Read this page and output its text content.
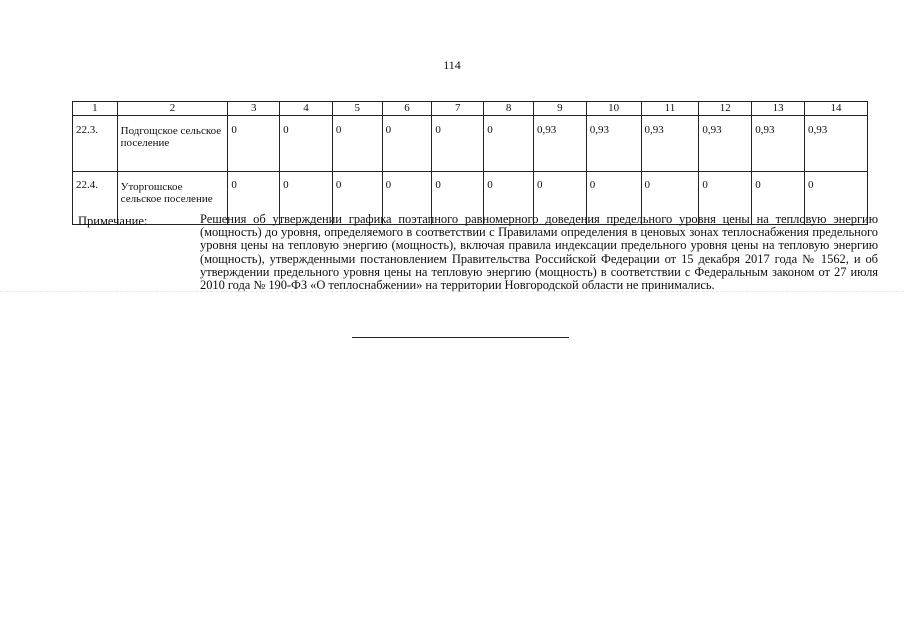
114
1	2	3	4	5	6	7	8	9	10	11	12	13	14
22.3.	Подгощское сельское поселение	0	0	0	0	0	0	0,93	0,93	0,93	0,93	0,93	0,93
22.4.	Уторгошское сельское поселение	0	0	0	0	0	0	0	0	0	0	0	0
Примечание:	Решения об утверждении графика поэтапного равномерного доведения предельного уровня цены на тепловую энергию (мощность) до уровня, определяемого в соответствии с Правилами определения в ценовых зонах теплоснабжения предельного уровня цены на тепловую энергию (мощность), включая правила индексации предельного уровня цены на тепловую энергию (мощность), утвержденными постановлением Правительства Российской Федерации от 15 декабря 2017 года № 1562, и об утверждении предельного уровня цены на тепловую энергию (мощность) в соответствии с Федеральным законом от 27 июля 2010 года № 190-ФЗ «О теплоснабжении» на территории Новгородской области не принимались.
